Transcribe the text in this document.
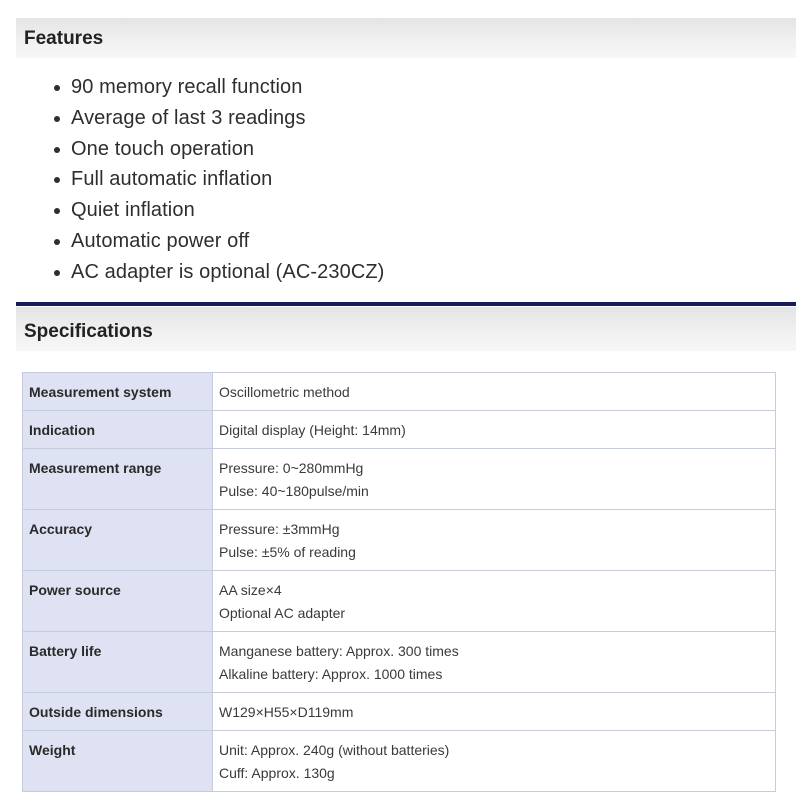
Features
90 memory recall function
Average of last 3 readings
One touch operation
Full automatic inflation
Quiet inflation
Automatic power off
AC adapter is optional (AC-230CZ)
Specifications
Measurement system	Oscillometric method

Indication	Digital display (Height: 14mm)

Measurement range	Pressure: 0~280mmHg
Pulse: 40~180pulse/min

Accuracy	Pressure: ±3mmHg
Pulse: ±5% of reading

Power source	AA size×4
Optional AC adapter

Battery life	Manganese battery: Approx. 300 times
Alkaline battery: Approx. 1000 times

Outside dimensions	W129×H55×D119mm

Weight	Unit: Approx. 240g (without batteries)
Cuff: Approx. 130g
